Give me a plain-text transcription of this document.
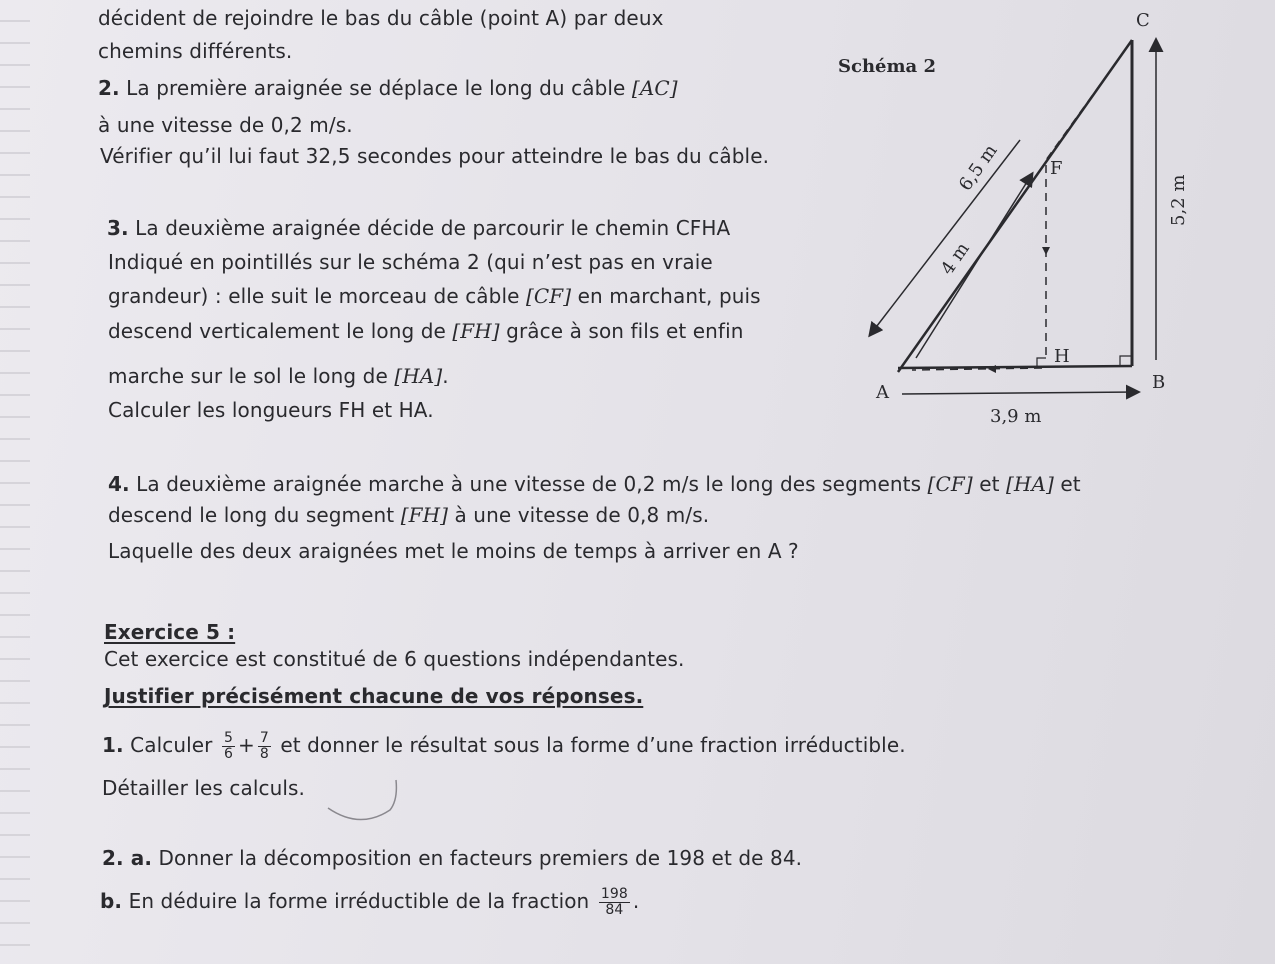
décident de rejoindre le bas du câble (point A) par deux
chemins différents.
2. La première araignée se déplace le long du câble [AC]
à une vitesse de 0,2 m/s.
Vérifier qu’il lui faut 32,5 secondes pour atteindre le bas du câble.
3. La deuxième araignée décide de parcourir le chemin CFHA
Indiqué en pointillés sur le schéma 2 (qui n’est pas en vraie
grandeur) : elle suit le morceau de câble [CF] en marchant, puis
descend verticalement le long de [FH] grâce à son fils et enfin
marche sur le sol le long de [HA].
Calculer les longueurs FH et HA.
4. La deuxième araignée marche à une vitesse de 0,2 m/s le long des segments [CF] et [HA] et
descend le long du segment [FH] à une vitesse de 0,8 m/s.
Laquelle des deux araignées met le moins de temps à arriver en A ?
Exercice 5 :
Cet exercice est constitué de 6 questions indépendantes.
Justifier précisément chacune de vos réponses.
1. Calculer $\frac{5}{6} + \frac{7}{8}$ et donner le résultat sous la forme d’une fraction irréductible.
Détailler les calculs.
2. a. Donner la décomposition en facteurs premiers de 198 et de 84.
b. En déduire la forme irréductible de la fraction $\frac{198}{84}$ .
Schéma 2
C
F
H
A	B
3,9 m
6,5 m
4 m
5,2 m
